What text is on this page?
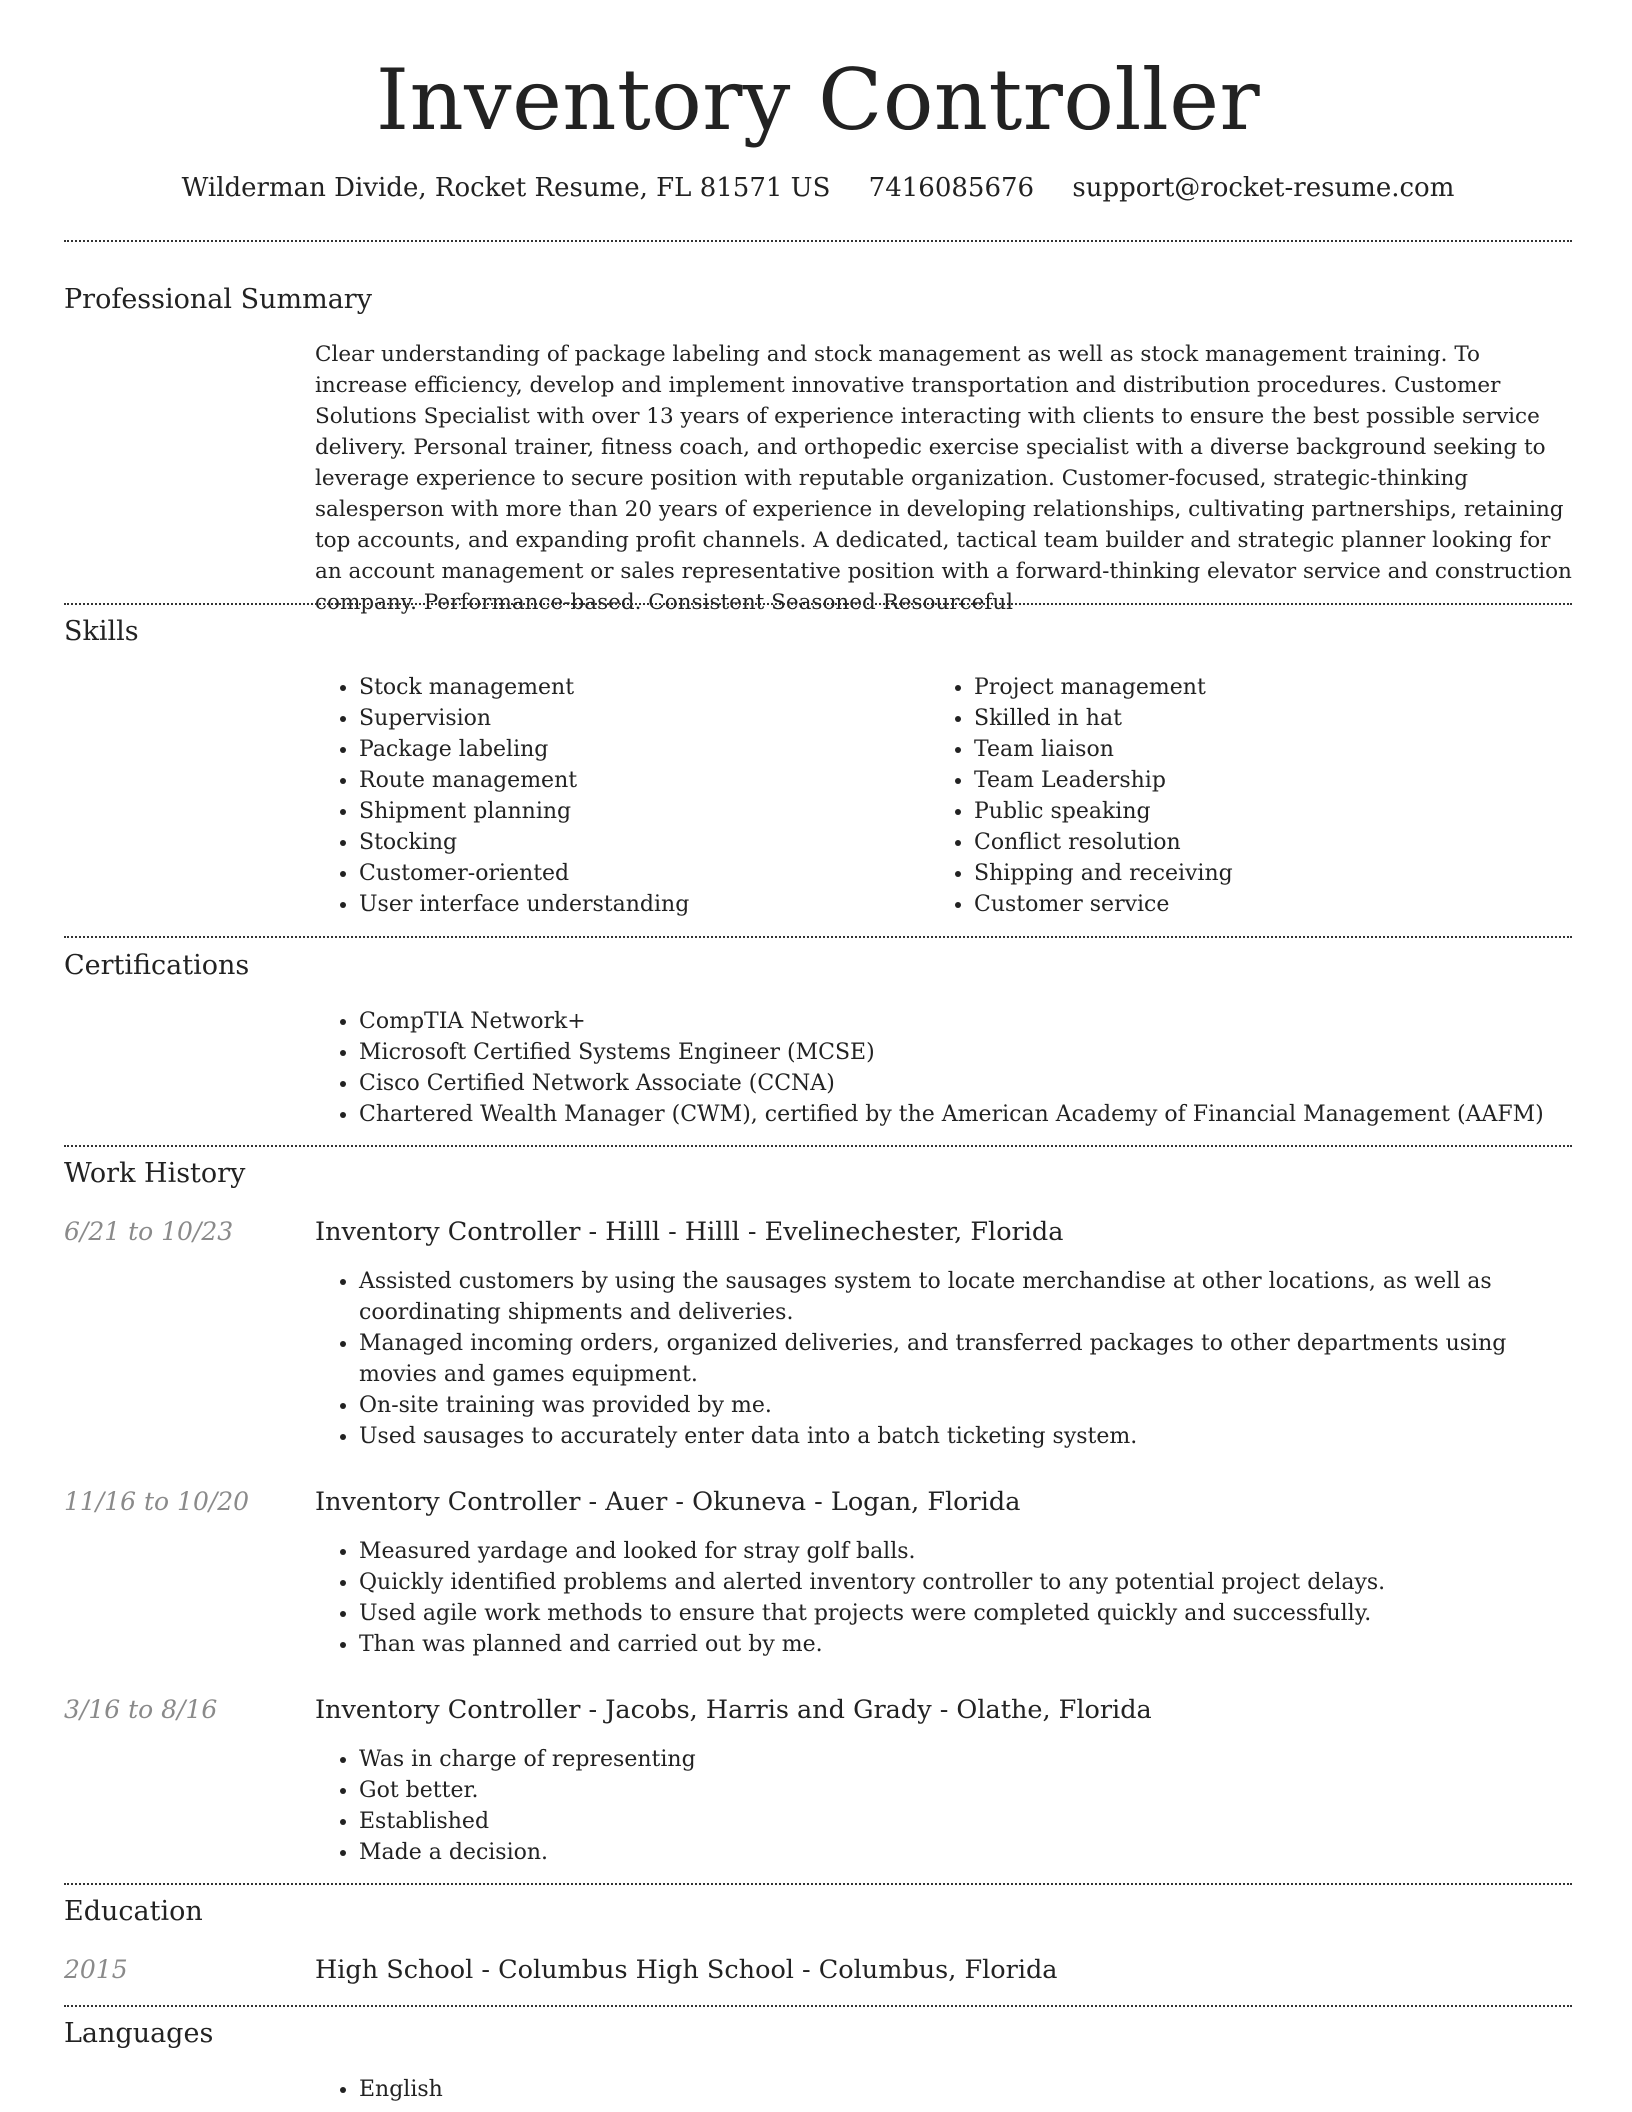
Inventory Controller
Wilderman Divide, Rocket Resume, FL 81571 US 7416085676 support@rocket-resume.com
Professional Summary

Clear understanding of package labeling and stock management as well as stock management training. To increase efficiency, develop and implement innovative transportation and distribution procedures. Customer Solutions Specialist with over 13 years of experience interacting with clients to ensure the best possible service delivery. Personal trainer, fitness coach, and orthopedic exercise specialist with a diverse background seeking to leverage experience to secure position with reputable organization. Customer-focused, strategic-thinking salesperson with more than 20 years of experience in developing relationships, cultivating partnerships, retaining top accounts, and expanding profit channels. A dedicated, tactical team builder and strategic planner looking for an account management or sales representative position with a forward-thinking elevator service and construction company. Performance-based. Consistent Seasoned Resourceful

Skills
• Stock management
• Supervision
• Package labeling
• Route management
• Shipment planning
• Stocking
• Customer-oriented
• User interface understanding
• Project management
• Skilled in hat
• Team liaison
• Team Leadership
• Public speaking
• Conflict resolution
• Shipping and receiving
• Customer service
Certifications
• CompTIA Network+
• Microsoft Certified Systems Engineer (MCSE)
• Cisco Certified Network Associate (CCNA)
• Chartered Wealth Manager (CWM), certified by the American Academy of Financial Management (AAFM)
Work History
6/21 to 10/23	Inventory Controller - Hilll - Hilll - Evelinechester, Florida
• Assisted customers by using the sausages system to locate merchandise at other locations, as well as coordinating shipments and deliveries.
• Managed incoming orders, organized deliveries, and transferred packages to other departments using movies and games equipment.
• On-site training was provided by me.
• Used sausages to accurately enter data into a batch ticketing system.
11/16 to 10/20	Inventory Controller - Auer - Okuneva - Logan, Florida
• Measured yardage and looked for stray golf balls.
• Quickly identified problems and alerted inventory controller to any potential project delays.
• Used agile work methods to ensure that projects were completed quickly and successfully.
• Than was planned and carried out by me.
3/16 to 8/16	Inventory Controller - Jacobs, Harris and Grady - Olathe, Florida
• Was in charge of representing
• Got better.
• Established
• Made a decision.
Education
2015	High School - Columbus High School - Columbus, Florida
Languages
• English
